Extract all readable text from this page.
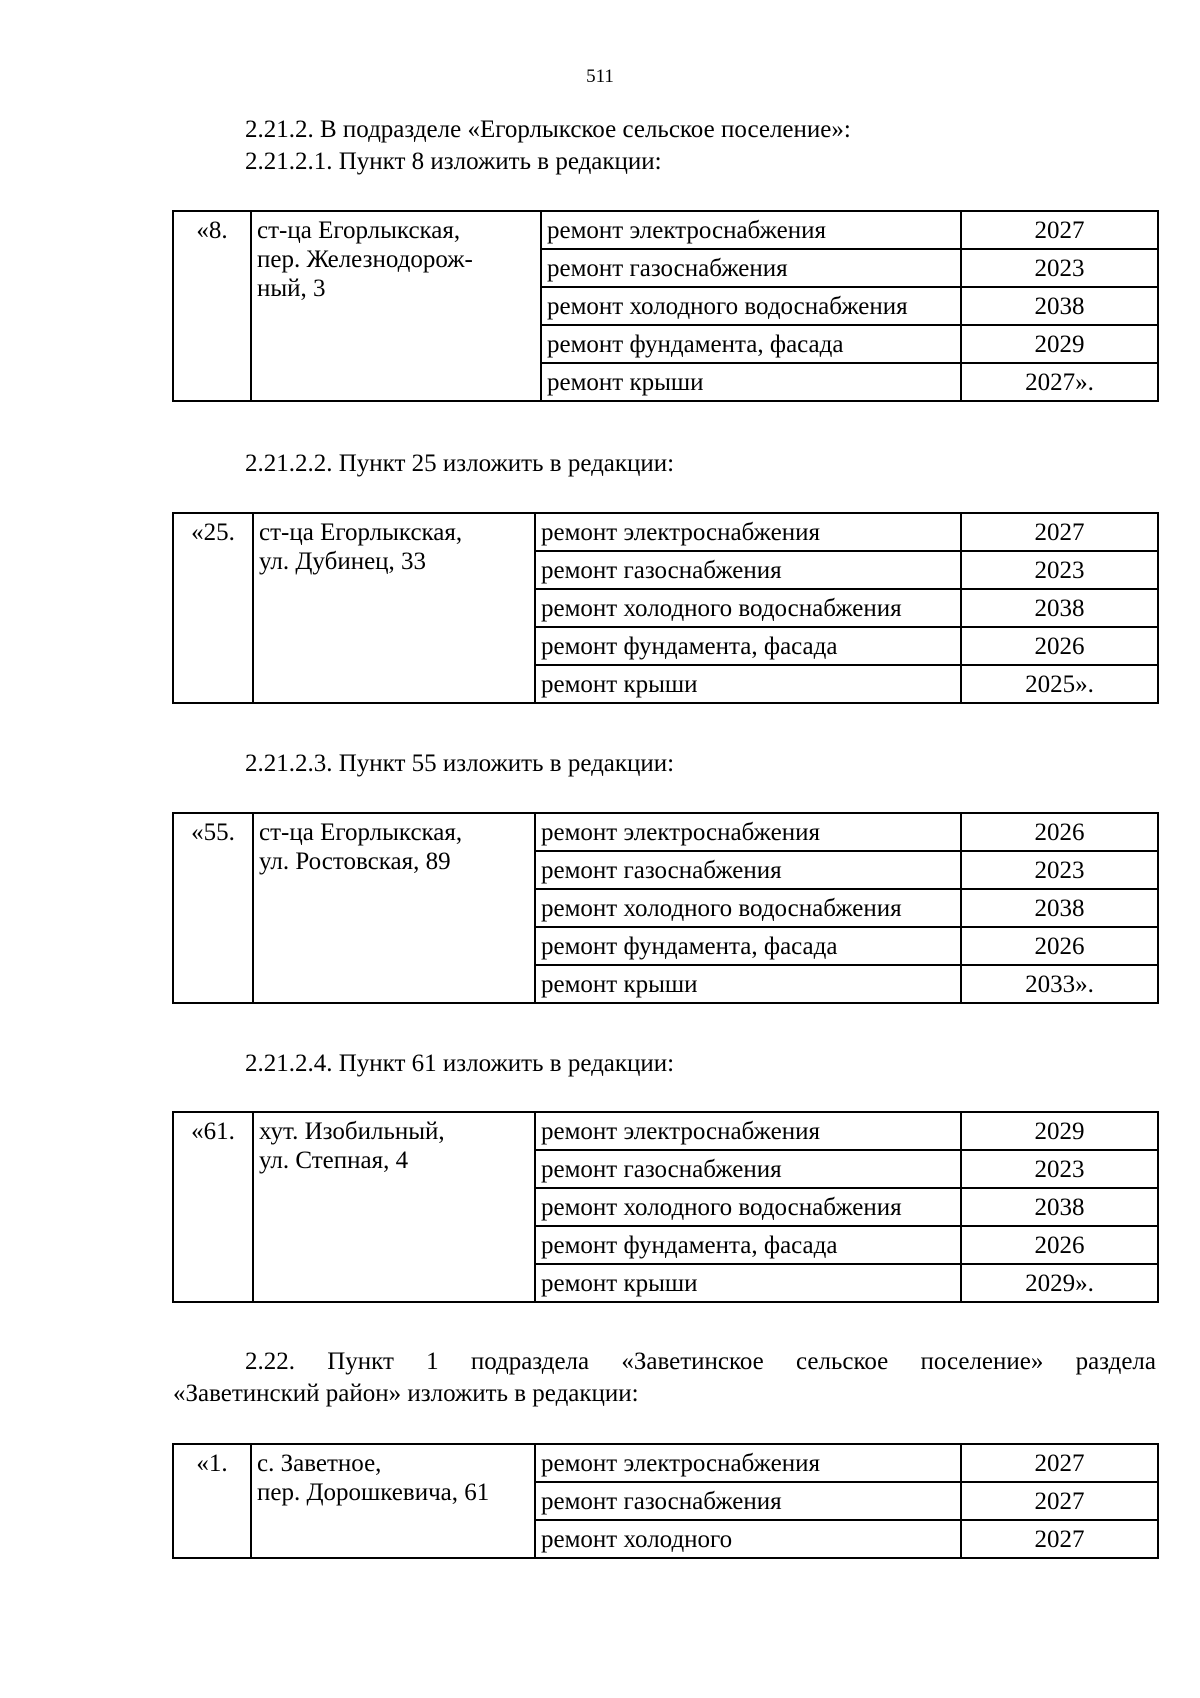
511
2.21.2. В подразделе «Егорлыкское сельское поселение»:
2.21.2.1. Пункт 8 изложить в редакции:
«8.	ст-ца Егорлыкская,
пер. Железнодорож-
ный, 3	ремонт электроснабжения	2027
		ремонт газоснабжения	2023
		ремонт холодного водоснабжения	2038
		ремонт фундамента, фасада	2029
		ремонт крыши	2027».
2.21.2.2. Пункт 25 изложить в редакции:
«25.	ст-ца Егорлыкская,
ул. Дубинец, 33	ремонт электроснабжения	2027
		ремонт газоснабжения	2023
		ремонт холодного водоснабжения	2038
		ремонт фундамента, фасада	2026
		ремонт крыши	2025».
2.21.2.3. Пункт 55 изложить в редакции:
«55.	ст-ца Егорлыкская,
ул. Ростовская, 89	ремонт электроснабжения	2026
		ремонт газоснабжения	2023
		ремонт холодного водоснабжения	2038
		ремонт фундамента, фасада	2026
		ремонт крыши	2033».
2.21.2.4. Пункт 61 изложить в редакции:
«61.	хут. Изобильный,
ул. Степная, 4	ремонт электроснабжения	2029
		ремонт газоснабжения	2023
		ремонт холодного водоснабжения	2038
		ремонт фундамента, фасада	2026
		ремонт крыши	2029».
2.22. Пункт 1 подраздела «Заветинское сельское поселение» раздела
«Заветинский район» изложить в редакции:
«1.	с. Заветное,
пер. Дорошкевича, 61	ремонт электроснабжения	2027
		ремонт газоснабжения	2027
		ремонт холодного	2027
